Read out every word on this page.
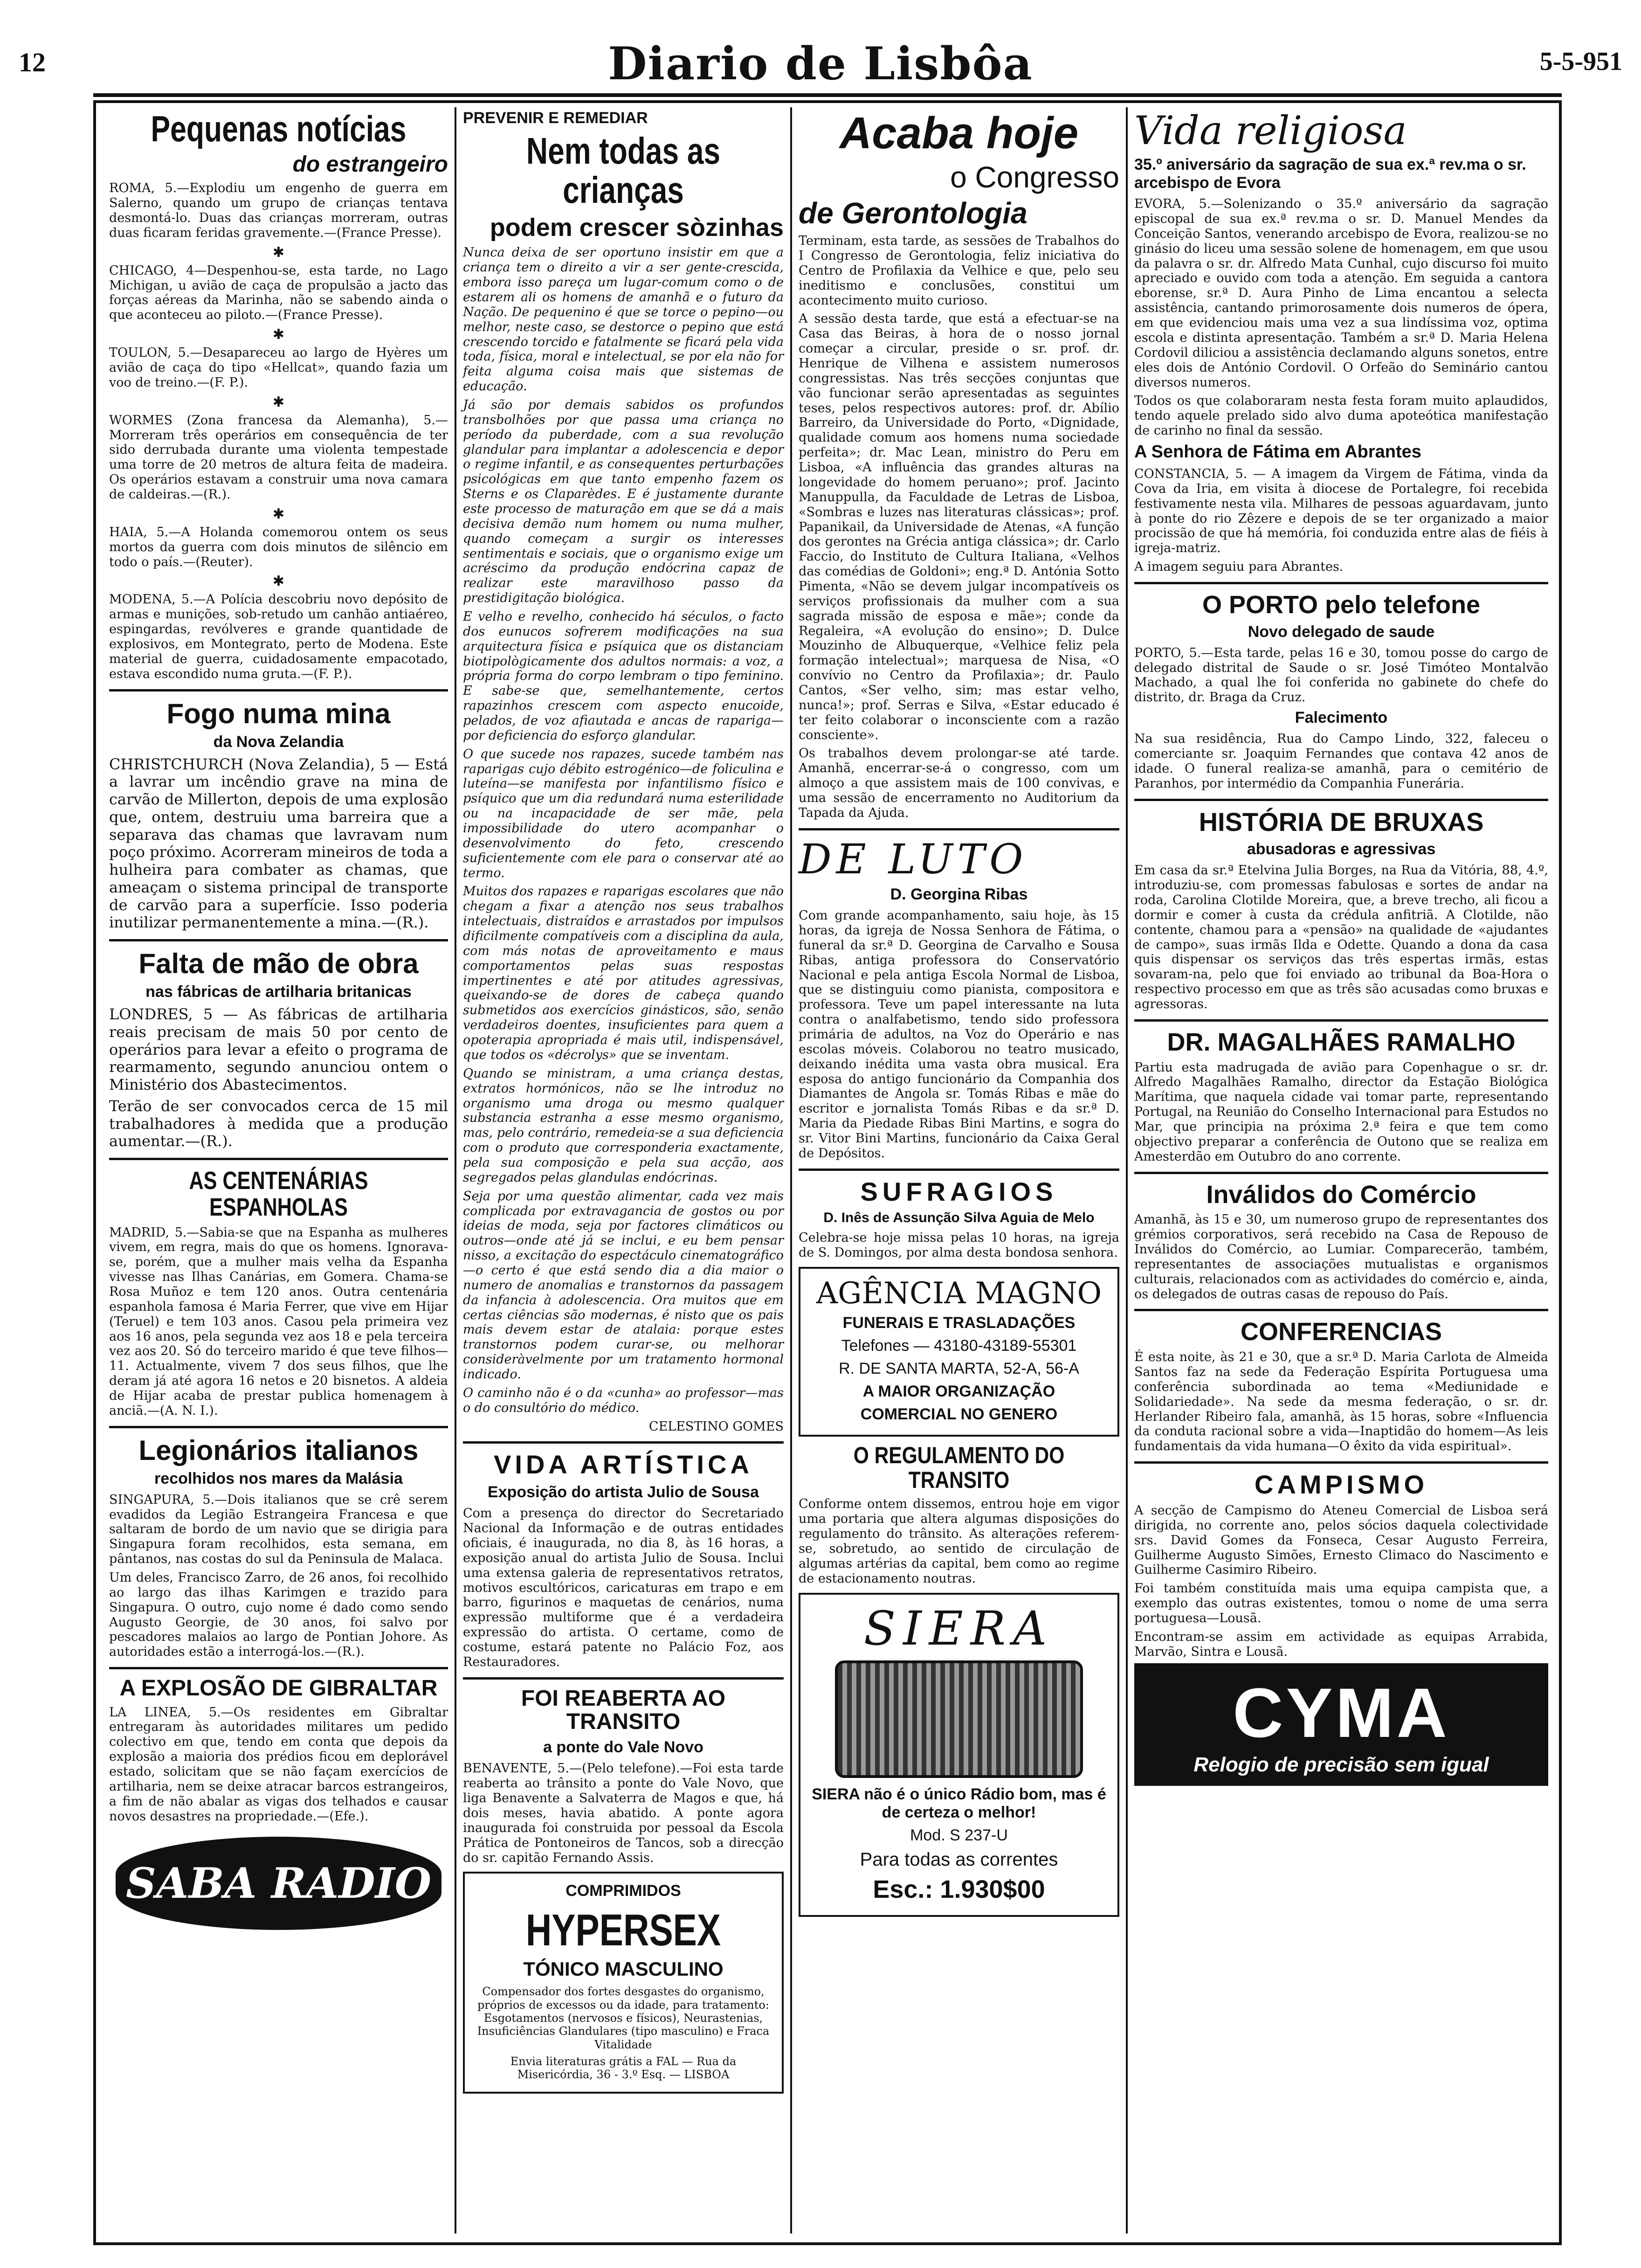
12	Diario de Lisbôa	5-5-951
Pequenas notícias
do estrangeiro

ROMA, 5.—Explodiu um engenho de guerra em Salerno, quando um grupo de crianças tentava desmontá-lo. Duas das crianças morreram, outras duas ficaram feridas gravemente.—(France Presse).

✱

CHICAGO, 4—Despenhou-se, esta tarde, no Lago Michigan, u avião de caça de propulsão a jacto das forças aéreas da Marinha, não se sabendo ainda o que aconteceu ao piloto.—(France Presse).

✱

TOULON, 5.—Desapareceu ao largo de Hyères um avião de caça do tipo «Hellcat», quando fazia um voo de treino.—(F. P.).

✱

WORMES (Zona francesa da Alemanha), 5.—Morreram três operários em consequência de ter sido derrubada durante uma violenta tempestade uma torre de 20 metros de altura feita de madeira. Os operários estavam a construir uma nova camara de caldeiras.—(R.).

✱

HAIA, 5.—A Holanda comemorou ontem os seus mortos da guerra com dois minutos de silêncio em todo o país.—(Reuter).

✱

MODENA, 5.—A Polícia descobriu novo depósito de armas e munições, sob-retudo um canhão antiaéreo, espingardas, revólveres e grande quantidade de explosivos, em Montegrato, perto de Modena. Este material de guerra, cuidadosamente empacotado, estava escondido numa gruta.—(F. P.).

Fogo numa mina
da Nova Zelandia

CHRISTCHURCH (Nova Zelandia), 5 — Está a lavrar um incêndio grave na mina de carvão de Millerton, depois de uma explosão que, ontem, destruiu uma barreira que a separava das chamas que lavravam num poço próximo. Acorreram mineiros de toda a hulheira para combater as chamas, que ameaçam o sistema principal de transporte de carvão para a superfície. Isso poderia inutilizar permanentemente a mina.—(R.).

Falta de mão de obra
nas fábricas de artilharia britanicas

LONDRES, 5 — As fábricas de artilharia reais precisam de mais 50 por cento de operários para levar a efeito o programa de rearmamento, segundo anunciou ontem o Ministério dos Abastecimentos.

Terão de ser convocados cerca de 15 mil trabalhadores à medida que a produção aumentar.—(R.).

AS CENTENÁRIAS ESPANHOLAS

MADRID, 5.—Sabia-se que na Espanha as mulheres vivem, em regra, mais do que os homens. Ignorava-se, porém, que a mulher mais velha da Espanha vivesse nas Ilhas Canárias, em Gomera. Chama-se Rosa Muñoz e tem 120 anos. Outra centenária espanhola famosa é Maria Ferrer, que vive em Hijar (Teruel) e tem 103 anos. Casou pela primeira vez aos 16 anos, pela segunda vez aos 18 e pela terceira vez aos 20. Só do terceiro marido é que teve filhos—11. Actualmente, vivem 7 dos seus filhos, que lhe deram já até agora 16 netos e 20 bisnetos. A aldeia de Hijar acaba de prestar publica homenagem à anciã.—(A. N. I.).

Legionários italianos
recolhidos nos mares da Malásia

SINGAPURA, 5.—Dois italianos que se crê serem evadidos da Legião Estrangeira Francesa e que saltaram de bordo de um navio que se dirigia para Singapura foram recolhidos, esta semana, em pântanos, nas costas do sul da Peninsula de Malaca.

Um deles, Francisco Zarro, de 26 anos, foi recolhido ao largo das ilhas Karimgen e trazido para Singapura. O outro, cujo nome é dado como sendo Augusto Georgie, de 30 anos, foi salvo por pescadores malaios ao largo de Pontian Johore. As autoridades estão a interrogá-los.—(R.).

A EXPLOSÃO DE GIBRALTAR

LA LINEA, 5.—Os residentes em Gibraltar entregaram às autoridades militares um pedido colectivo em que, tendo em conta que depois da explosão a maioria dos prédios ficou em deplorável estado, solicitam que se não façam exercícios de artilharia, nem se deixe atracar barcos estrangeiros, a fim de não abalar as vigas dos telhados e causar novos desastres na propriedade.—(Efe.).

SABA RADIO
PREVENIR E REMEDIAR
Nem todas as crianças
podem crescer sòzinhas

Nunca deixa de ser oportuno insistir em que a criança tem o direito a vir a ser gente-crescida, embora isso pareça um lugar-comum como o de estarem ali os homens de amanhã e o futuro da Nação. De pequenino é que se torce o pepino—ou melhor, neste caso, se destorce o pepino que está crescendo torcido e fatalmente se ficará pela vida toda, física, moral e intelectual, se por ela não for feita alguma coisa mais que sistemas de educação.

Já são por demais sabidos os profundos transbolhões por que passa uma criança no período da puberdade, com a sua revolução glandular para implantar a adolescencia e depor o regime infantil, e as consequentes perturbações psicológicas em que tanto empenho fazem os Sterns e os Claparèdes. E é justamente durante este processo de maturação em que se dá a mais decisiva demão num homem ou numa mulher, quando começam a surgir os interesses sentimentais e sociais, que o organismo exige um acréscimo da produção endócrina capaz de realizar este maravilhoso passo da prestidigitação biológica.

E velho e revelho, conhecido há séculos, o facto dos eunucos sofrerem modificações na sua arquitectura física e psíquica que os distanciam biotipològicamente dos adultos normais: a voz, a própria forma do corpo lembram o tipo feminino. E sabe-se que, semelhantemente, certos rapazinhos crescem com aspecto enucoide, pelados, de voz afiautada e ancas de rapariga—por deficiencia do esforço glandular.

O que sucede nos rapazes, sucede também nas raparigas cujo débito estrogénico—de foliculina e luteína—se manifesta por infantilismo físico e psíquico que um dia redundará numa esterilidade ou na incapacidade de ser mãe, pela impossibilidade do utero acompanhar o desenvolvimento do feto, crescendo suficientemente com ele para o conservar até ao termo.

Muitos dos rapazes e raparigas escolares que não chegam a fixar a atenção nos seus trabalhos intelectuais, distraídos e arrastados por impulsos dificilmente compatíveis com a disciplina da aula, com más notas de aproveitamento e maus comportamentos pelas suas respostas impertinentes e até por atitudes agressivas, queixando-se de dores de cabeça quando submetidos aos exercícios ginásticos, são, senão verdadeiros doentes, insuficientes para quem a opoterapia apropriada é mais util, indispensável, que todos os «décrolys» que se inventam.

Quando se ministram, a uma criança destas, extratos hormónicos, não se lhe introduz no organismo uma droga ou mesmo qualquer substancia estranha a esse mesmo organismo, mas, pelo contrário, remedeia-se a sua deficiencia com o produto que corresponderia exactamente, pela sua composição e pela sua acção, aos segregados pelas glandulas endócrinas.

Seja por uma questão alimentar, cada vez mais complicada por extravagancia de gostos ou por ideias de moda, seja por factores climáticos ou outros—onde até já se inclui, e eu bem pensar nisso, a excitação do espectáculo cinematográfico—o certo é que está sendo dia a dia maior o numero de anomalias e transtornos da passagem da infancia à adolescencia. Ora muitos que em certas ciências são modernas, é nisto que os pais mais devem estar de atalaia: porque estes transtornos podem curar-se, ou melhorar consideràvelmente por um tratamento hormonal indicado.

O caminho não é o da «cunha» ao professor—mas o do consultório do médico.

CELESTINO GOMES

VIDA ARTÍSTICA
Exposição do artista Julio de Sousa

Com a presença do director do Secretariado Nacional da Informação e de outras entidades oficiais, é inaugurada, no dia 8, às 16 horas, a exposição anual do artista Julio de Sousa. Inclui uma extensa galeria de representativos retratos, motivos escultóricos, caricaturas em trapo e em barro, figurinos e maquetas de cenários, numa expressão multiforme que é a verdadeira expressão do artista. O certame, como de costume, estará patente no Palácio Foz, aos Restauradores.

FOI REABERTA AO TRANSITO
a ponte do Vale Novo

BENAVENTE, 5.—(Pelo telefone).—Foi esta tarde reaberta ao trânsito a ponte do Vale Novo, que liga Benavente a Salvaterra de Magos e que, há dois meses, havia abatido. A ponte agora inaugurada foi construida por pessoal da Escola Prática de Pontoneiros de Tancos, sob a direcção do sr. capitão Fernando Assis.

COMPRIMIDOS
HYPERSEX
TÓNICO MASCULINO

Compensador dos fortes desgastes do organismo, próprios de excessos ou da idade, para tratamento: Esgotamentos (nervosos e físicos), Neurastenias, Insuficiências Glandulares (tipo masculino) e Fraca Vitalidade

Envia literaturas grátis a FAL — Rua da Misericórdia, 36 - 3.º Esq. — LISBOA

Acaba hoje
o Congresso
de Gerontologia

Terminam, esta tarde, as sessões de Trabalhos do I Congresso de Gerontologia, feliz iniciativa do Centro de Profilaxia da Velhice e que, pelo seu ineditismo e conclusões, constitui um acontecimento muito curioso.

A sessão desta tarde, que está a efectuar-se na Casa das Beiras, à hora de o nosso jornal começar a circular, preside o sr. prof. dr. Henrique de Vilhena e assistem numerosos congressistas. Nas três secções conjuntas que vão funcionar serão apresentadas as seguintes teses, pelos respectivos autores: prof. dr. Abílio Barreiro, da Universidade do Porto, «Dignidade, qualidade comum aos homens numa sociedade perfeita»; dr. Mac Lean, ministro do Peru em Lisboa, «A influência das grandes alturas na longevidade do homem peruano»; prof. Jacinto Manuppulla, da Faculdade de Letras de Lisboa, «Sombras e luzes nas literaturas clássicas»; prof. Papanikail, da Universidade de Atenas, «A função dos gerontes na Grécia antiga clássica»; dr. Carlo Faccio, do Instituto de Cultura Italiana, «Velhos das comédias de Goldoni»; eng.ª D. Antónia Sotto Pimenta, «Não se devem julgar incompatíveis os serviços profissionais da mulher com a sua sagrada missão de esposa e mãe»; conde da Regaleira, «A evolução do ensino»; D. Dulce Mouzinho de Albuquerque, «Velhice feliz pela formação intelectual»; marquesa de Nisa, «O convívio no Centro da Profilaxia»; dr. Paulo Cantos, «Ser velho, sim; mas estar velho, nunca!»; prof. Serras e Silva, «Estar educado é ter feito colaborar o inconsciente com a razão consciente».

Os trabalhos devem prolongar-se até tarde. Amanhã, encerrar-se-á o congresso, com um almoço a que assistem mais de 100 convivas, e uma sessão de encerramento no Auditorium da Tapada da Ajuda.

DE LUTO
D. Georgina Ribas

Com grande acompanhamento, saiu hoje, às 15 horas, da igreja de Nossa Senhora de Fátima, o funeral da sr.ª D. Georgina de Carvalho e Sousa Ribas, antiga professora do Conservatório Nacional e pela antiga Escola Normal de Lisboa, que se distinguiu como pianista, compositora e professora. Teve um papel interessante na luta contra o analfabetismo, tendo sido professora primária de adultos, na Voz do Operário e nas escolas móveis. Colaborou no teatro musicado, deixando inédita uma vasta obra musical. Era esposa do antigo funcionário da Companhia dos Diamantes de Angola sr. Tomás Ribas e mãe do escritor e jornalista Tomás Ribas e da sr.ª D. Maria da Piedade Ribas Bini Martins, e sogra do sr. Vitor Bini Martins, funcionário da Caixa Geral de Depósitos.

SUFRAGIOS
D. Inês de Assunção Silva Aguia de Melo

Celebra-se hoje missa pelas 10 horas, na igreja de S. Domingos, por alma desta bondosa senhora.

AGÊNCIA MAGNO
FUNERAIS E TRASLADAÇÕES
Telefones — 43180-43189-55301
R. DE SANTA MARTA, 52-A, 56-A
A MAIOR ORGANIZAÇÃO
COMERCIAL NO GENERO
O REGULAMENTO DO TRANSITO

Conforme ontem dissemos, entrou hoje em vigor uma portaria que altera algumas disposições do regulamento do trânsito. As alterações referem-se, sobretudo, ao sentido de circulação de algumas artérias da capital, bem como ao regime de estacionamento noutras.

SIERA
SIERA não é o único Rádio bom, mas é de certeza o melhor!
Mod. S 237-U
Para todas as correntes
Esc.: 1.930$00
Vida religiosa
35.º aniversário da sagração de sua ex.ª rev.ma o sr. arcebispo de Evora

EVORA, 5.—Solenizando o 35.º aniversário da sagração episcopal de sua ex.ª rev.ma o sr. D. Manuel Mendes da Conceição Santos, venerando arcebispo de Evora, realizou-se no ginásio do liceu uma sessão solene de homenagem, em que usou da palavra o sr. dr. Alfredo Mata Cunhal, cujo discurso foi muito apreciado e ouvido com toda a atenção. Em seguida a cantora eborense, sr.ª D. Aura Pinho de Lima encantou a selecta assistência, cantando primorosamente dois numeros de ópera, em que evidenciou mais uma vez a sua lindíssima voz, optima escola e distinta apresentação. Também a sr.ª D. Maria Helena Cordovil diliciou a assistência declamando alguns sonetos, entre eles dois de António Cordovil. O Orfeão do Seminário cantou diversos numeros.

Todos os que colaboraram nesta festa foram muito aplaudidos, tendo aquele prelado sido alvo duma apoteótica manifestação de carinho no final da sessão.

A Senhora de Fátima em Abrantes

CONSTANCIA, 5. — A imagem da Virgem de Fátima, vinda da Cova da Iria, em visita à diocese de Portalegre, foi recebida festivamente nesta vila. Milhares de pessoas aguardavam, junto à ponte do rio Zêzere e depois de se ter organizado a maior procissão de que há memória, foi conduzida entre alas de fiéis à igreja-matriz.

A imagem seguiu para Abrantes.

O PORTO pelo telefone
Novo delegado de saude

PORTO, 5.—Esta tarde, pelas 16 e 30, tomou posse do cargo de delegado distrital de Saude o sr. José Timóteo Montalvão Machado, a qual lhe foi conferida no gabinete do chefe do distrito, dr. Braga da Cruz.

Falecimento

Na sua residência, Rua do Campo Lindo, 322, faleceu o comerciante sr. Joaquim Fernandes que contava 42 anos de idade. O funeral realiza-se amanhã, para o cemitério de Paranhos, por intermédio da Companhia Funerária.

HISTÓRIA DE BRUXAS
abusadoras e agressivas

Em casa da sr.ª Etelvina Julia Borges, na Rua da Vitória, 88, 4.º, introduziu-se, com promessas fabulosas e sortes de andar na roda, Carolina Clotilde Moreira, que, a breve trecho, ali ficou a dormir e comer à custa da crédula anfitriã. A Clotilde, não contente, chamou para a «pensão» na qualidade de «ajudantes de campo», suas irmãs Ilda e Odette. Quando a dona da casa quis dispensar os serviços das três espertas irmãs, estas sovaram-na, pelo que foi enviado ao tribunal da Boa-Hora o respectivo processo em que as três são acusadas como bruxas e agressoras.

DR. MAGALHÃES RAMALHO

Partiu esta madrugada de avião para Copenhague o sr. dr. Alfredo Magalhães Ramalho, director da Estação Biológica Marítima, que naquela cidade vai tomar parte, representando Portugal, na Reunião do Conselho Internacional para Estudos no Mar, que principia na próxima 2.ª feira e que tem como objectivo preparar a conferência de Outono que se realiza em Amesterdão em Outubro do ano corrente.

Inválidos do Comércio

Amanhã, às 15 e 30, um numeroso grupo de representantes dos grémios corporativos, será recebido na Casa de Repouso de Inválidos do Comércio, ao Lumiar. Comparecerão, também, representantes de associações mutualistas e organismos culturais, relacionados com as actividades do comércio e, ainda, os delegados de outras casas de repouso do País.

CONFERENCIAS

É esta noite, às 21 e 30, que a sr.ª D. Maria Carlota de Almeida Santos faz na sede da Federação Espírita Portuguesa uma conferência subordinada ao tema «Mediunidade e Solidariedade». Na sede da mesma federação, o sr. dr. Herlander Ribeiro fala, amanhã, às 15 horas, sobre «Influencia da conduta racional sobre a vida—Inaptidão do homem—As leis fundamentais da vida humana—O êxito da vida espiritual».

CAMPISMO

A secção de Campismo do Ateneu Comercial de Lisboa será dirigida, no corrente ano, pelos sócios daquela colectividade srs. David Gomes da Fonseca, Cesar Augusto Ferreira, Guilherme Augusto Simões, Ernesto Climaco do Nascimento e Guilherme Casimiro Ribeiro.

Foi também constituída mais uma equipa campista que, a exemplo das outras existentes, tomou o nome de uma serra portuguesa—Lousã.

Encontram-se assim em actividade as equipas Arrabida, Marvão, Sintra e Lousã.

CYMA
Relogio de precisão sem igual
